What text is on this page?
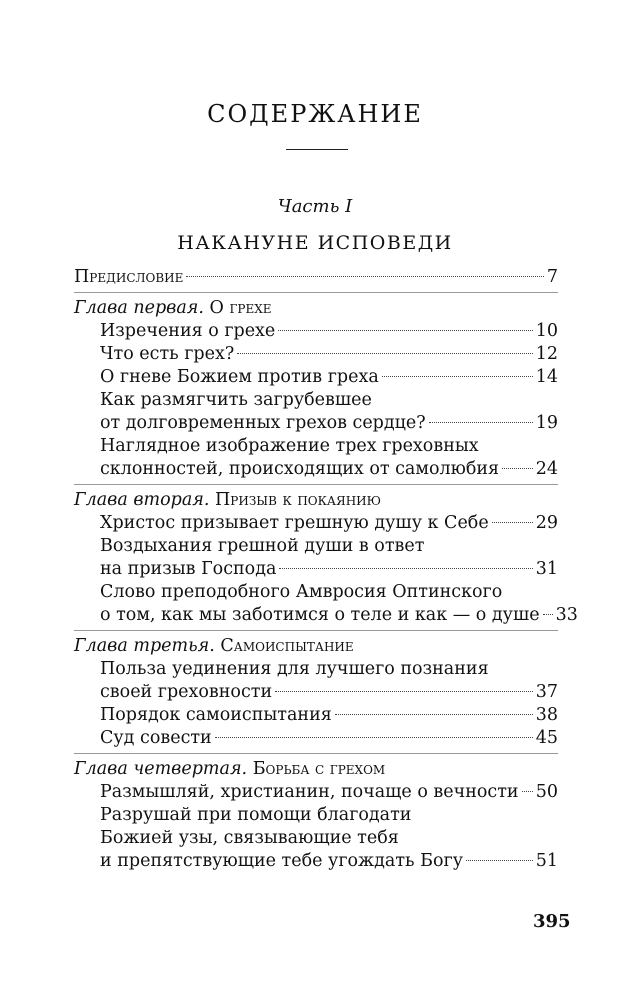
СОДЕРЖАНИЕ
Часть I
НАКАНУНЕ ИСПОВЕДИ
Предисловие	7
Глава первая. О грехе
Изречения о грехе	10
Что есть грех?	12
О гневе Божием против греха	14
Как размягчить загрубевшее
от долговременных грехов сердце?	19
Наглядное изображение трех греховных
склонностей, происходящих от самолюбия 24
Глава вторая. Призыв к покаянию
Христос призывает грешную душу к Себе	29
Воздыхания грешной души в ответ
на призыв Господа	31
Слово преподобного Амвросия Оптинского
о том, как мы заботимся о теле и как — о душе 33
Глава третья. Самоиспытание
Польза уединения для лучшего познания
своей греховности	37
Порядок самоиспытания	38
Суд совести	45
Глава четвертая. Борьба с грехом
Размышляй, христианин, почаще о вечности 50
Разрушай при помощи благодати
Божией узы, связывающие тебя
и препятствующие тебе угождать Богу	51
395
